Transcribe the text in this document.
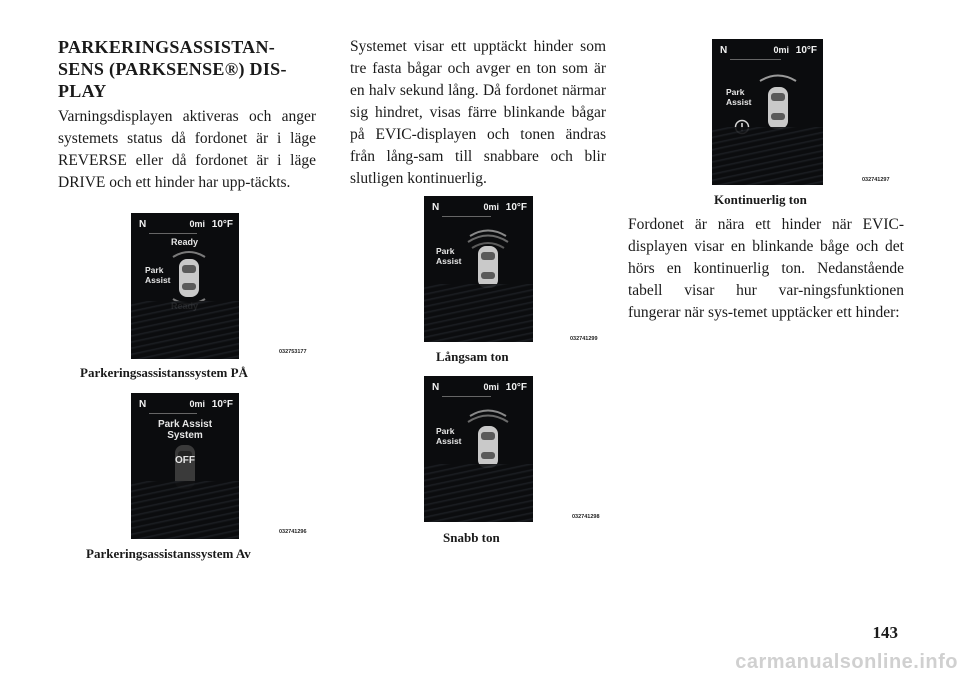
PARKERINGSASSISTAN-
SENS (PARKSENSE®) DIS-
PLAY

Varningsdisplayen aktiveras och anger systemets status då fordonet är i läge REVERSE eller då fordonet är i läge DRIVE och ett hinder har upp-täckts.

Systemet visar ett upptäckt hinder som tre fasta bågar och avger en ton som är en halv sekund lång. Då fordonet närmar sig hindret, visas färre blinkande bågar på EVIC-displayen och tonen ändras från lång-sam till snabbare och blir slutligen kontinuerlig.

Fordonet är nära ett hinder när EVIC-displayen visar en blinkande båge och det hörs en kontinuerlig ton. Nedanstående tabell visar hur var-ningsfunktionen fungerar när sys-temet upptäcker ett hinder:

N	0mi 10°F
Ready
Park
Assist
032753177
Parkeringsassistanssystem PÅ
N	0mi 10°F
Park Assist
System
OFF
032741296
Parkeringsassistanssystem Av
N	0mi 10°F
Park
Assist
032741299
Långsam ton
N	0mi 10°F
Park
Assist
032741298
Snabb ton
N	0mi 10°F
Park
Assist
032741297
Kontinuerlig ton
143
carmanualsonline.info
